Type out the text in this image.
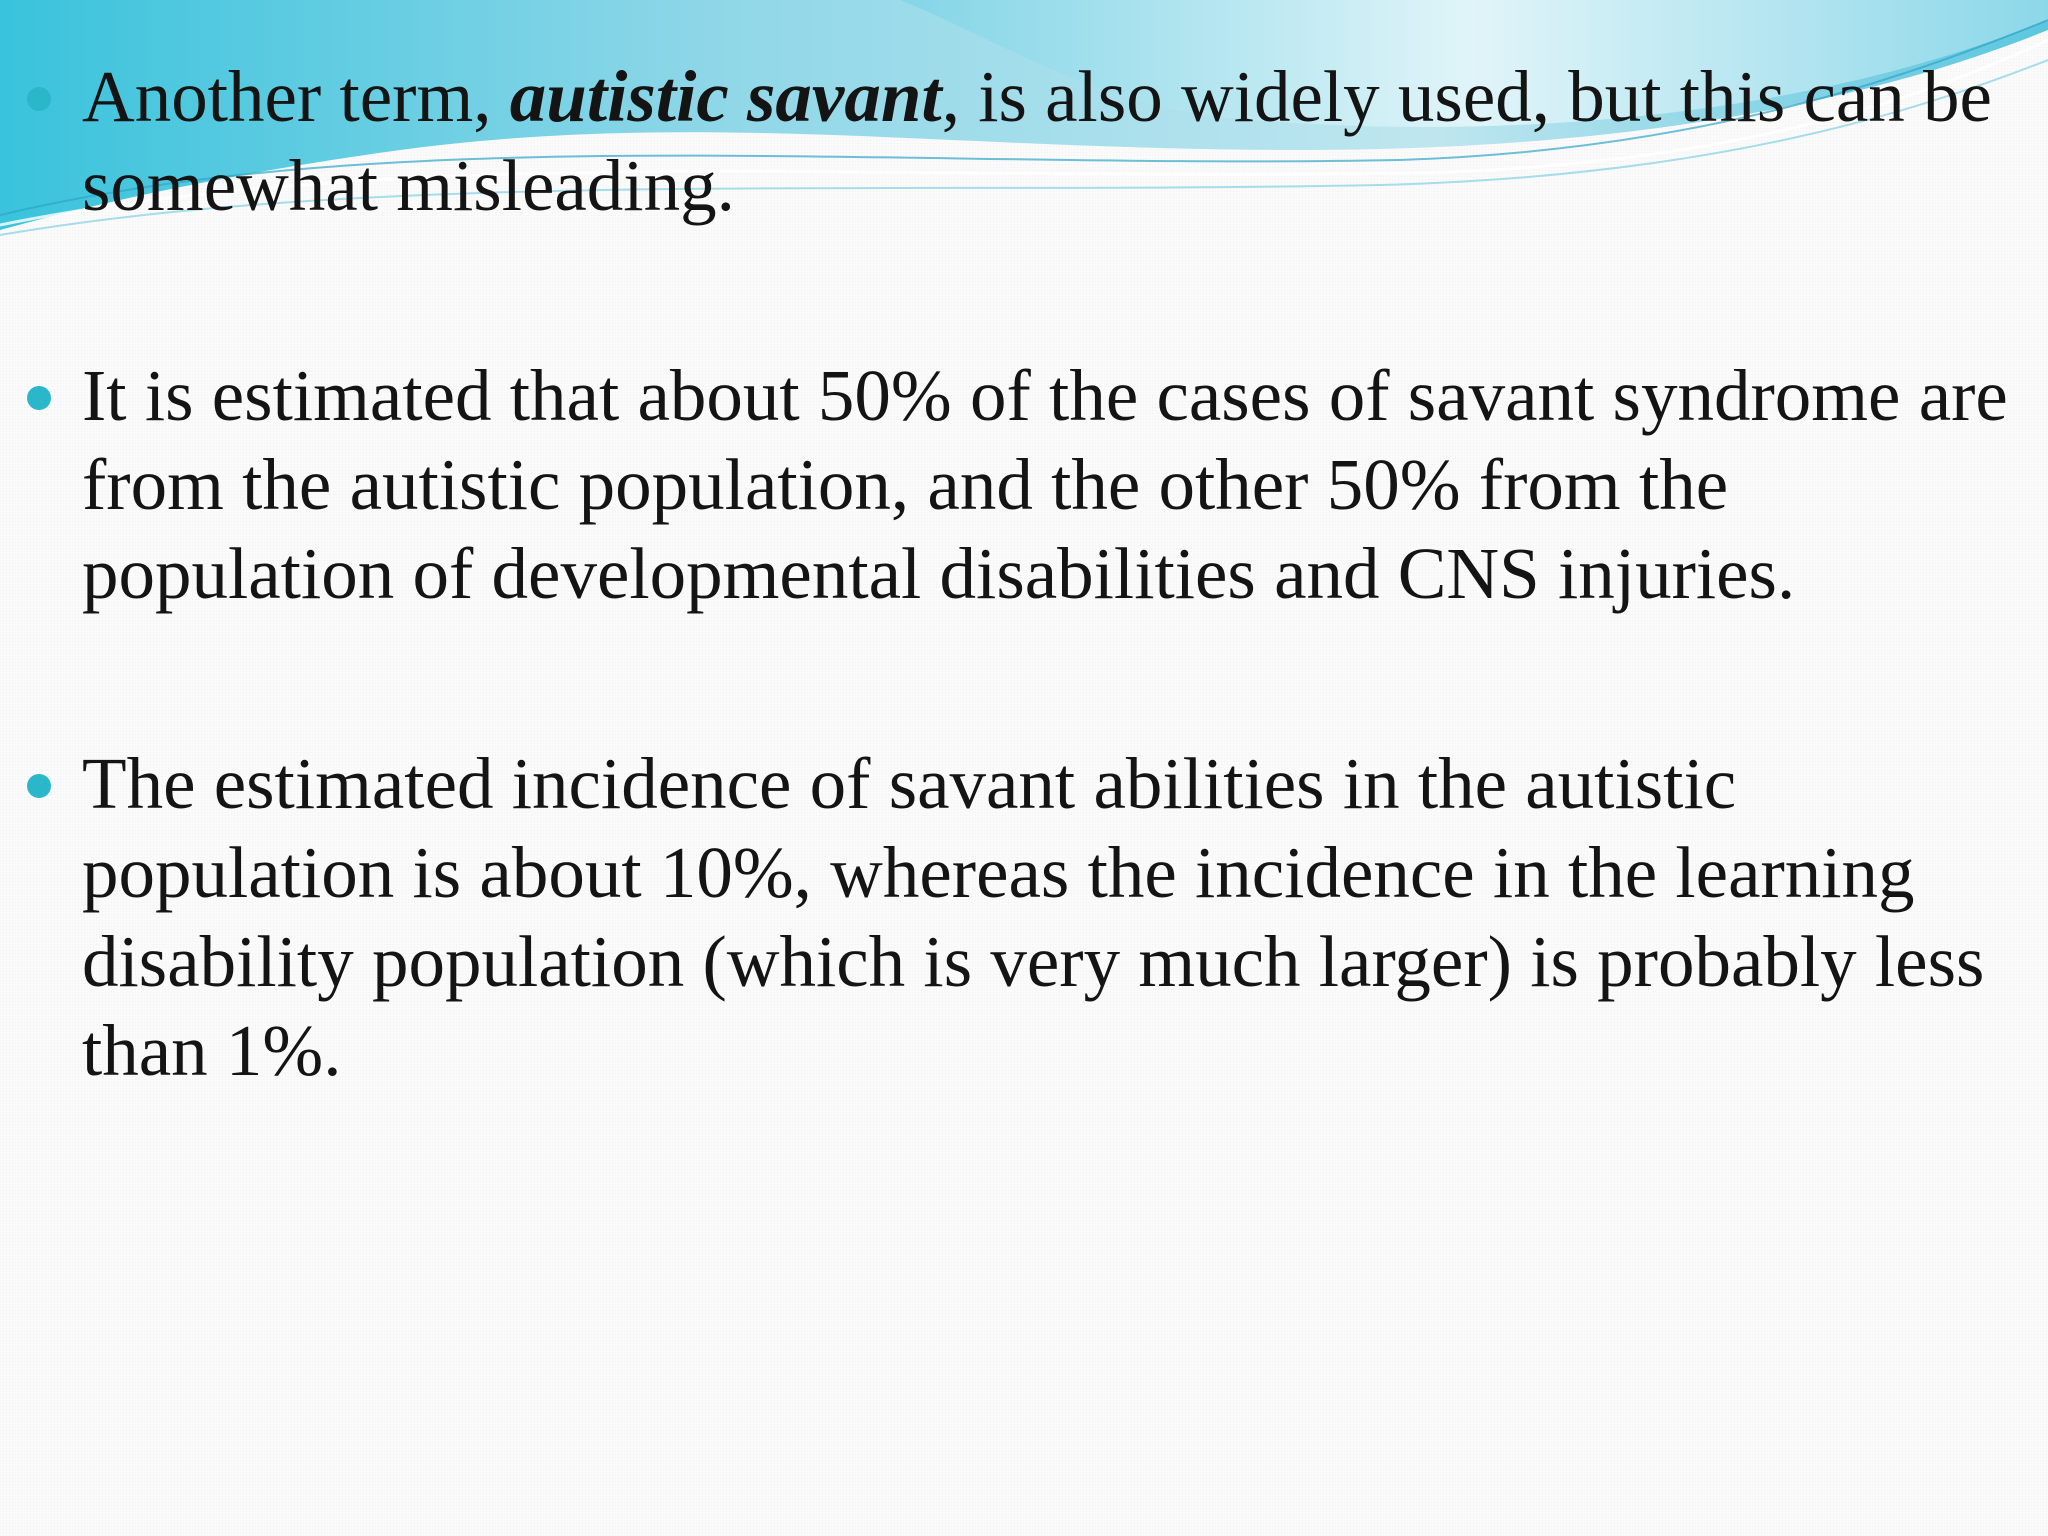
Another term, autistic savant, is also widely used, but this can be somewhat misleading.
It is estimated that about 50% of the cases of savant syndrome are from the autistic population, and the other 50% from the population of developmental disabilities and CNS injuries.
The estimated incidence of savant abilities in the autistic population is about 10%, whereas the incidence in the learning disability population (which is very much larger) is probably less than 1%.
